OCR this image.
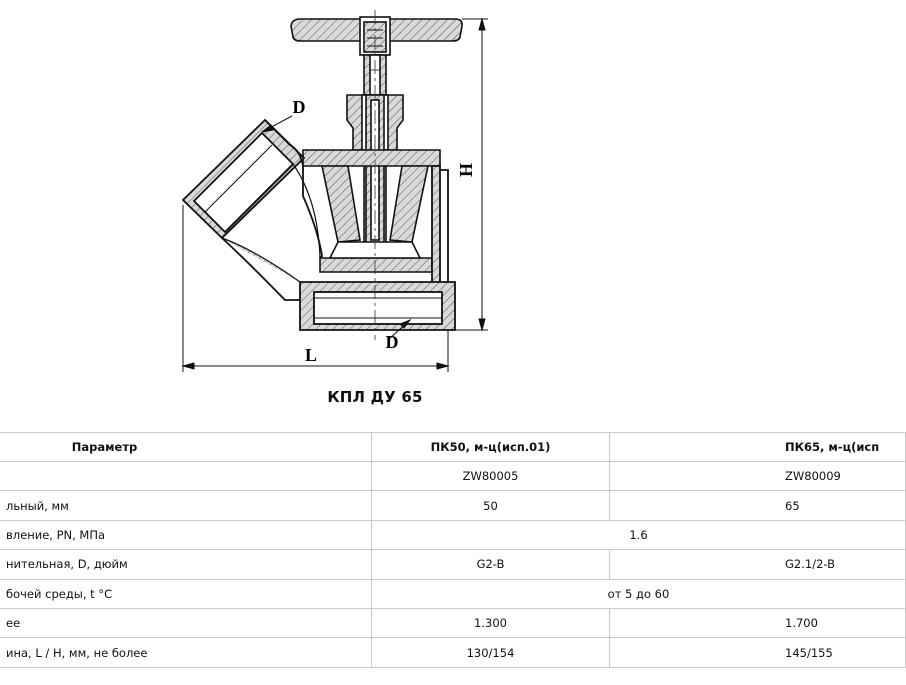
H
L
D
D
КПЛ ДУ 65
Параметр	ПК50, м-ц(исп.01)	ПК65, м-ц(исп
	ZW80005	ZW80009
льный, мм	50	65
вление, PN, МПа	1.6	
нительная, D, дюйм	G2-B	G2.1/2-B
бочей среды, t °C	от 5 до 60	
ее	1.300	1.700
ина, L / H, мм, не более	130/154	145/155
